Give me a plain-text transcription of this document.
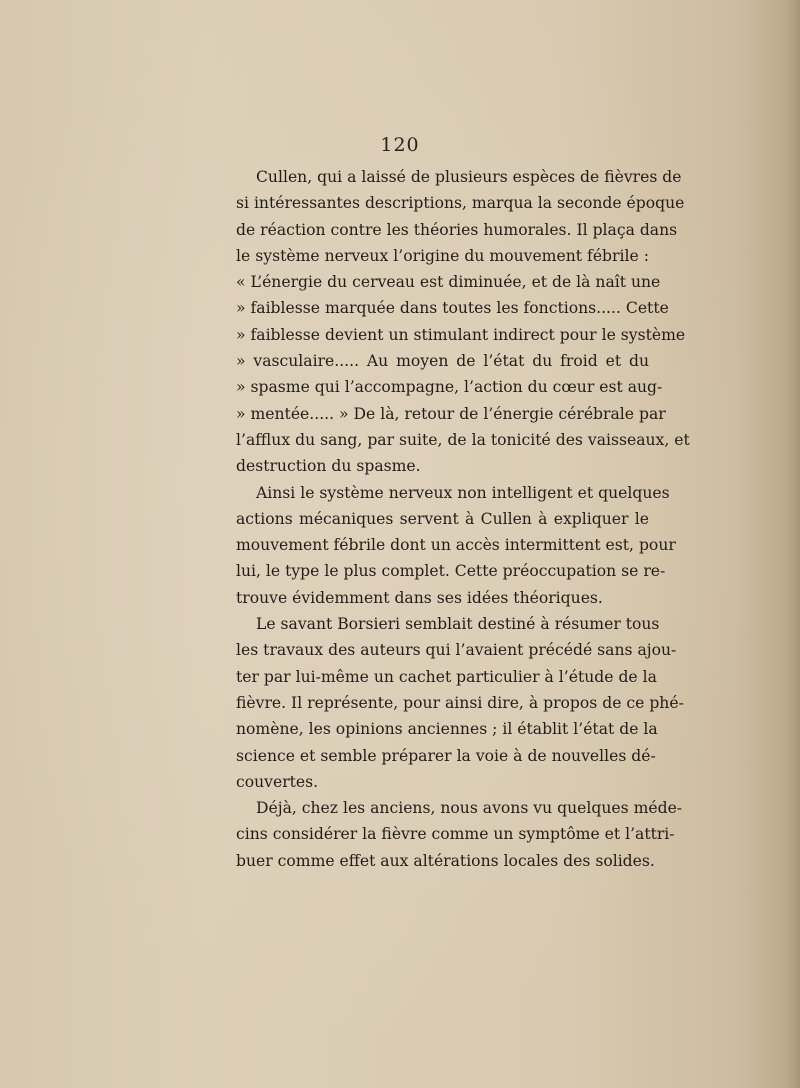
120
Cullen, qui a laissé de plusieurs espèces de fièvres de
si intéressantes descriptions, marqua la seconde époque
de réaction contre les théories humorales. Il plaça dans
le système nerveux l’origine du mouvement fébrile :
« L’énergie du cerveau est diminuée, et de là naît une
» faiblesse marquée dans toutes les fonctions..... Cette
» faiblesse devient un stimulant indirect pour le système
» vasculaire..... Au moyen de l’état du froid et du
» spasme qui l’accompagne, l’action du cœur est aug-
» mentée..... » De là, retour de l’énergie cérébrale par
l’afflux du sang, par suite, de la tonicité des vaisseaux, et
destruction du spasme.
Ainsi le système nerveux non intelligent et quelques
actions mécaniques servent à Cullen à expliquer le
mouvement fébrile dont un accès intermittent est, pour
lui, le type le plus complet. Cette préoccupation se re-
trouve évidemment dans ses idées théoriques.
Le savant Borsieri semblait destiné à résumer tous
les travaux des auteurs qui l’avaient précédé sans ajou-
ter par lui-même un cachet particulier à l’étude de la
fièvre. Il représente, pour ainsi dire, à propos de ce phé-
nomène, les opinions anciennes ; il établit l’état de la
science et semble préparer la voie à de nouvelles dé-
couvertes.
Déjà, chez les anciens, nous avons vu quelques méde-
cins considérer la fièvre comme un symptôme et l’attri-
buer comme effet aux altérations locales des solides.
